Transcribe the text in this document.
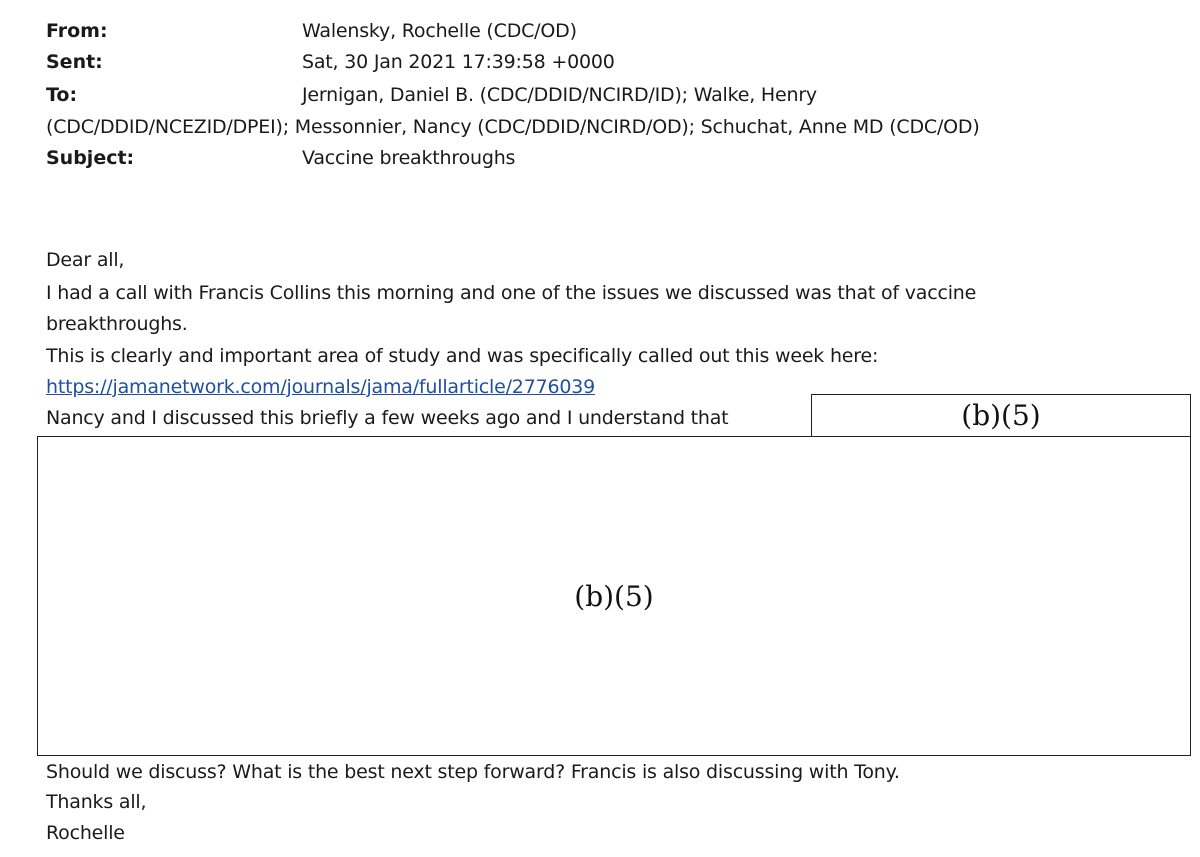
From:	Walensky, Rochelle (CDC/OD)
Sent:	Sat, 30 Jan 2021 17:39:58 +0000
To:	Jernigan, Daniel B. (CDC/DDID/NCIRD/ID); Walke, Henry
(CDC/DDID/NCEZID/DPEI); Messonnier, Nancy (CDC/DDID/NCIRD/OD); Schuchat, Anne MD (CDC/OD)
Subject:	Vaccine breakthroughs
Dear all,
I had a call with Francis Collins this morning and one of the issues we discussed was that of vaccine
breakthroughs.
This is clearly and important area of study and was specifically called out this week here:
https://jamanetwork.com/journals/jama/fullarticle/2776039
Nancy and I discussed this briefly a few weeks ago and I understand that	(b)(5)
(b)(5)
Should we discuss? What is the best next step forward? Francis is also discussing with Tony.
Thanks all,
Rochelle
